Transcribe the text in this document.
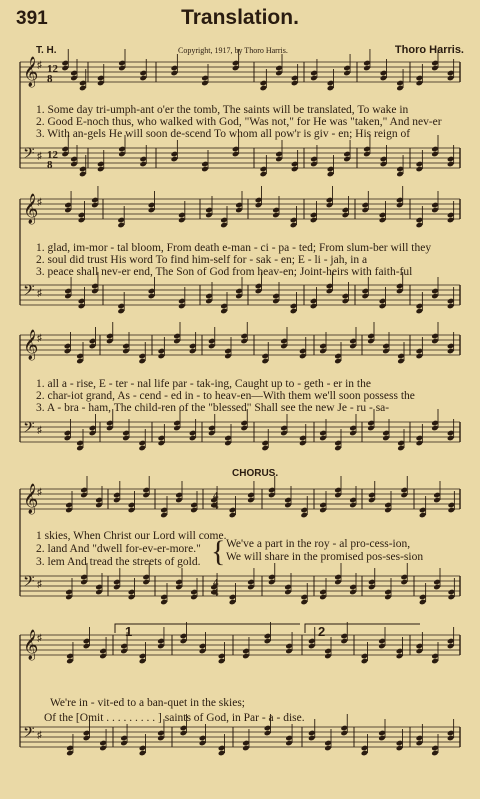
391	Translation.
T. H.	Copyright, 1917, by Thoro Harris.	Thoro Harris.
𝄞
♯ 12
8
𝄢 ♯ 12
8
𝄞
♯
𝄢 ♯
𝄞
♯
𝄢 ♯
𝄞
♯
𝄢 ♯
𝄞
♯
𝄢 ♯
4
4
4
4
1	2
1. Some day tri-umph-ant o'er the tomb, The saints will be translated, To wake in
2. Good E-noch thus, who walked with God, "Was not," for He was "taken," And nev-er
3. With an-gels He will soon de-scend To whom all pow'r is giv - en; His reign of
1. glad, im-mor - tal bloom, From death e-man - ci - pa - ted; From slum-ber will they
2. soul did trust His word To find him-self for - sak - en; E - li - jah, in a
3. peace shall nev-er end, The Son of God from heav-en; Joint-heirs with faith-ful
1. all a - rise, E - ter - nal life par - tak-ing, Caught up to - geth - er in the
2. char-iot grand, As - cend - ed in - to heav-en—With them we'll soon possess the
3. A - bra - ham, The child-ren of the "blessed" Shall see the new Je - ru - sa-
CHORUS.
1 skies, When Christ our Lord will come.
2. land And "dwell for-ev-er-more."
3. lem And tread the streets of gold. { We've a part in the roy - al pro-cess-ion,
We will share in the promised pos-ses-sion
We're in - vit-ed to a ban-quet in the skies;
Of the [Omit . . . . . . . . . ] saints of God, in Par - a - dise.
